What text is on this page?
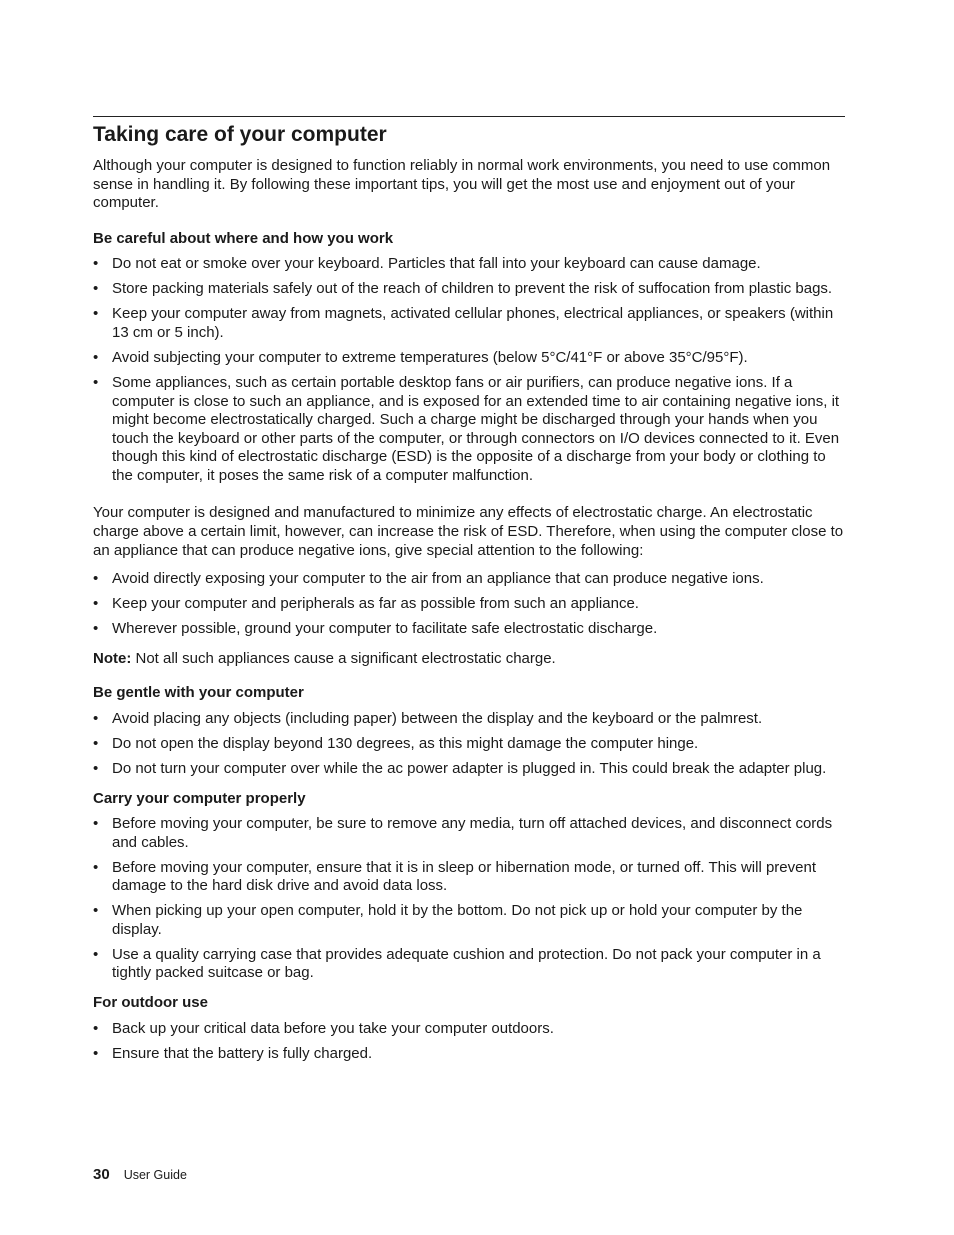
Taking care of your computer

Although your computer is designed to function reliably in normal work environments, you need to use common sense in handling it. By following these important tips, you will get the most use and enjoyment out of your computer.

Be careful about where and how you work
• Do not eat or smoke over your keyboard. Particles that fall into your keyboard can cause damage.
• Store packing materials safely out of the reach of children to prevent the risk of suffocation from plastic bags.
• Keep your computer away from magnets, activated cellular phones, electrical appliances, or speakers (within 13 cm or 5 inch).
• Avoid subjecting your computer to extreme temperatures (below 5°C/41°F or above 35°C/95°F).
• Some appliances, such as certain portable desktop fans or air purifiers, can produce negative ions. If a computer is close to such an appliance, and is exposed for an extended time to air containing negative ions, it might become electrostatically charged. Such a charge might be discharged through your hands when you touch the keyboard or other parts of the computer, or through connectors on I/O devices connected to it. Even though this kind of electrostatic discharge (ESD) is the opposite of a discharge from your body or clothing to the computer, it poses the same risk of a computer malfunction.

Your computer is designed and manufactured to minimize any effects of electrostatic charge. An electrostatic charge above a certain limit, however, can increase the risk of ESD. Therefore, when using the computer close to an appliance that can produce negative ions, give special attention to the following:

• Avoid directly exposing your computer to the air from an appliance that can produce negative ions.
• Keep your computer and peripherals as far as possible from such an appliance.
• Wherever possible, ground your computer to facilitate safe electrostatic discharge.

Note: Not all such appliances cause a significant electrostatic charge.

Be gentle with your computer
• Avoid placing any objects (including paper) between the display and the keyboard or the palmrest.
• Do not open the display beyond 130 degrees, as this might damage the computer hinge.
• Do not turn your computer over while the ac power adapter is plugged in. This could break the adapter plug.
Carry your computer properly
• Before moving your computer, be sure to remove any media, turn off attached devices, and disconnect cords and cables.
• Before moving your computer, ensure that it is in sleep or hibernation mode, or turned off. This will prevent damage to the hard disk drive and avoid data loss.
• When picking up your open computer, hold it by the bottom. Do not pick up or hold your computer by the display.
• Use a quality carrying case that provides adequate cushion and protection. Do not pack your computer in a tightly packed suitcase or bag.
For outdoor use
• Back up your critical data before you take your computer outdoors.
• Ensure that the battery is fully charged.
30 User Guide
